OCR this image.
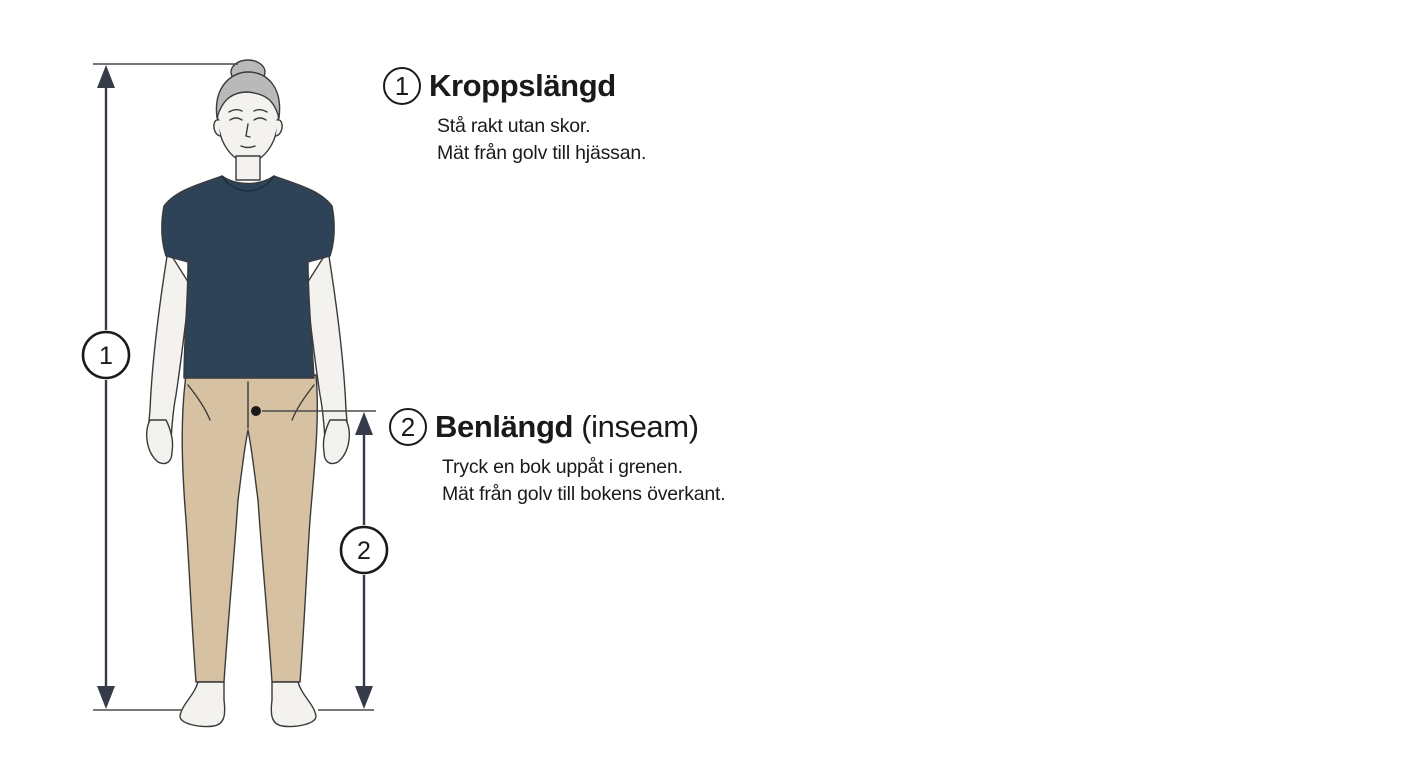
1
2
1 Kroppslängd
Stå rakt utan skor.
Mät från golv till hjässan.
2 Benlängd (inseam)
Tryck en bok uppåt i grenen.
Mät från golv till bokens överkant.
